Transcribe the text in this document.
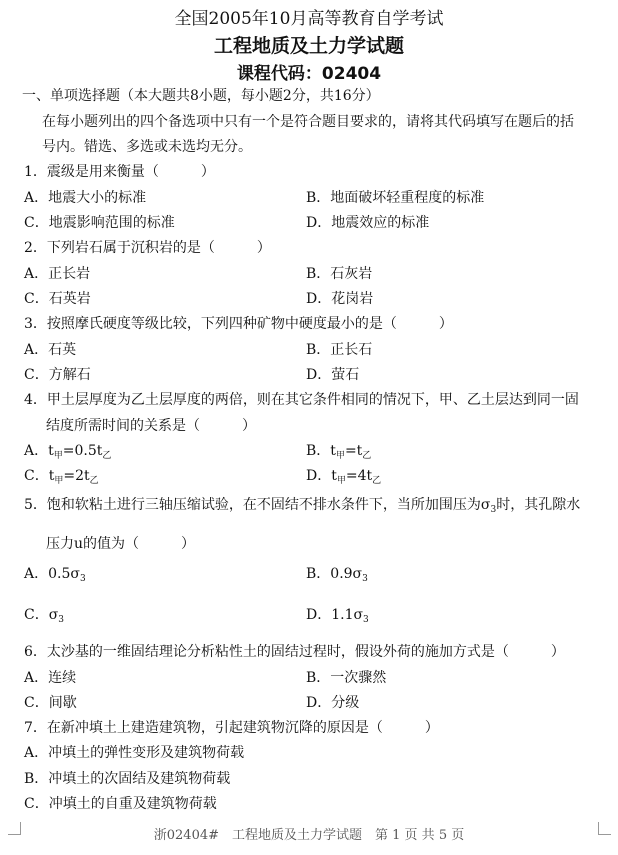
全国2005年10月高等教育自学考试
工程地质及土力学试题
课程代码：02404
一、单项选择题（本大题共8小题，每小题2分，共16分）
在每小题列出的四个备选项中只有一个是符合题目要求的，请将其代码填写在题后的括
号内。错选、多选或未选均无分。
1．震级是用来衡量（　　　）
A．地震大小的标准	B．地面破坏轻重程度的标准
C．地震影响范围的标准	D．地震效应的标准
2．下列岩石属于沉积岩的是（　　　）
A．正长岩	B．石灰岩
C．石英岩	D．花岗岩
3．按照摩氏硬度等级比较，下列四种矿物中硬度最小的是（　　　）
A．石英	B．正长石
C．方解石	D．萤石
4．甲土层厚度为乙土层厚度的两倍，则在其它条件相同的情况下，甲、乙土层达到同一固
结度所需时间的关系是（　　　）
A．$t_甲=0.5t_乙$	B．$t_甲=t_乙$
C．$t_甲=2t_乙$	D．$t_甲=4t_乙$
5．饱和软粘土进行三轴压缩试验，在不固结不排水条件下，当所加围压为$\sigma_3$时，其孔隙水
压力u的值为（　　　）
A．$0.5\sigma_3$	B．$0.9\sigma_3$
C．$\sigma_3$	D．$1.1\sigma_3$
6．太沙基的一维固结理论分析粘性土的固结过程时，假设外荷的施加方式是（　　　）
A．连续	B．一次骤然
C．间歇	D．分级
7．在新冲填土上建造建筑物，引起建筑物沉降的原因是（　　　）
A．冲填土的弹性变形及建筑物荷载
B．冲填土的次固结及建筑物荷载
C．冲填土的自重及建筑物荷载
浙02404#　工程地质及土力学试题　第 1 页 共 5 页
